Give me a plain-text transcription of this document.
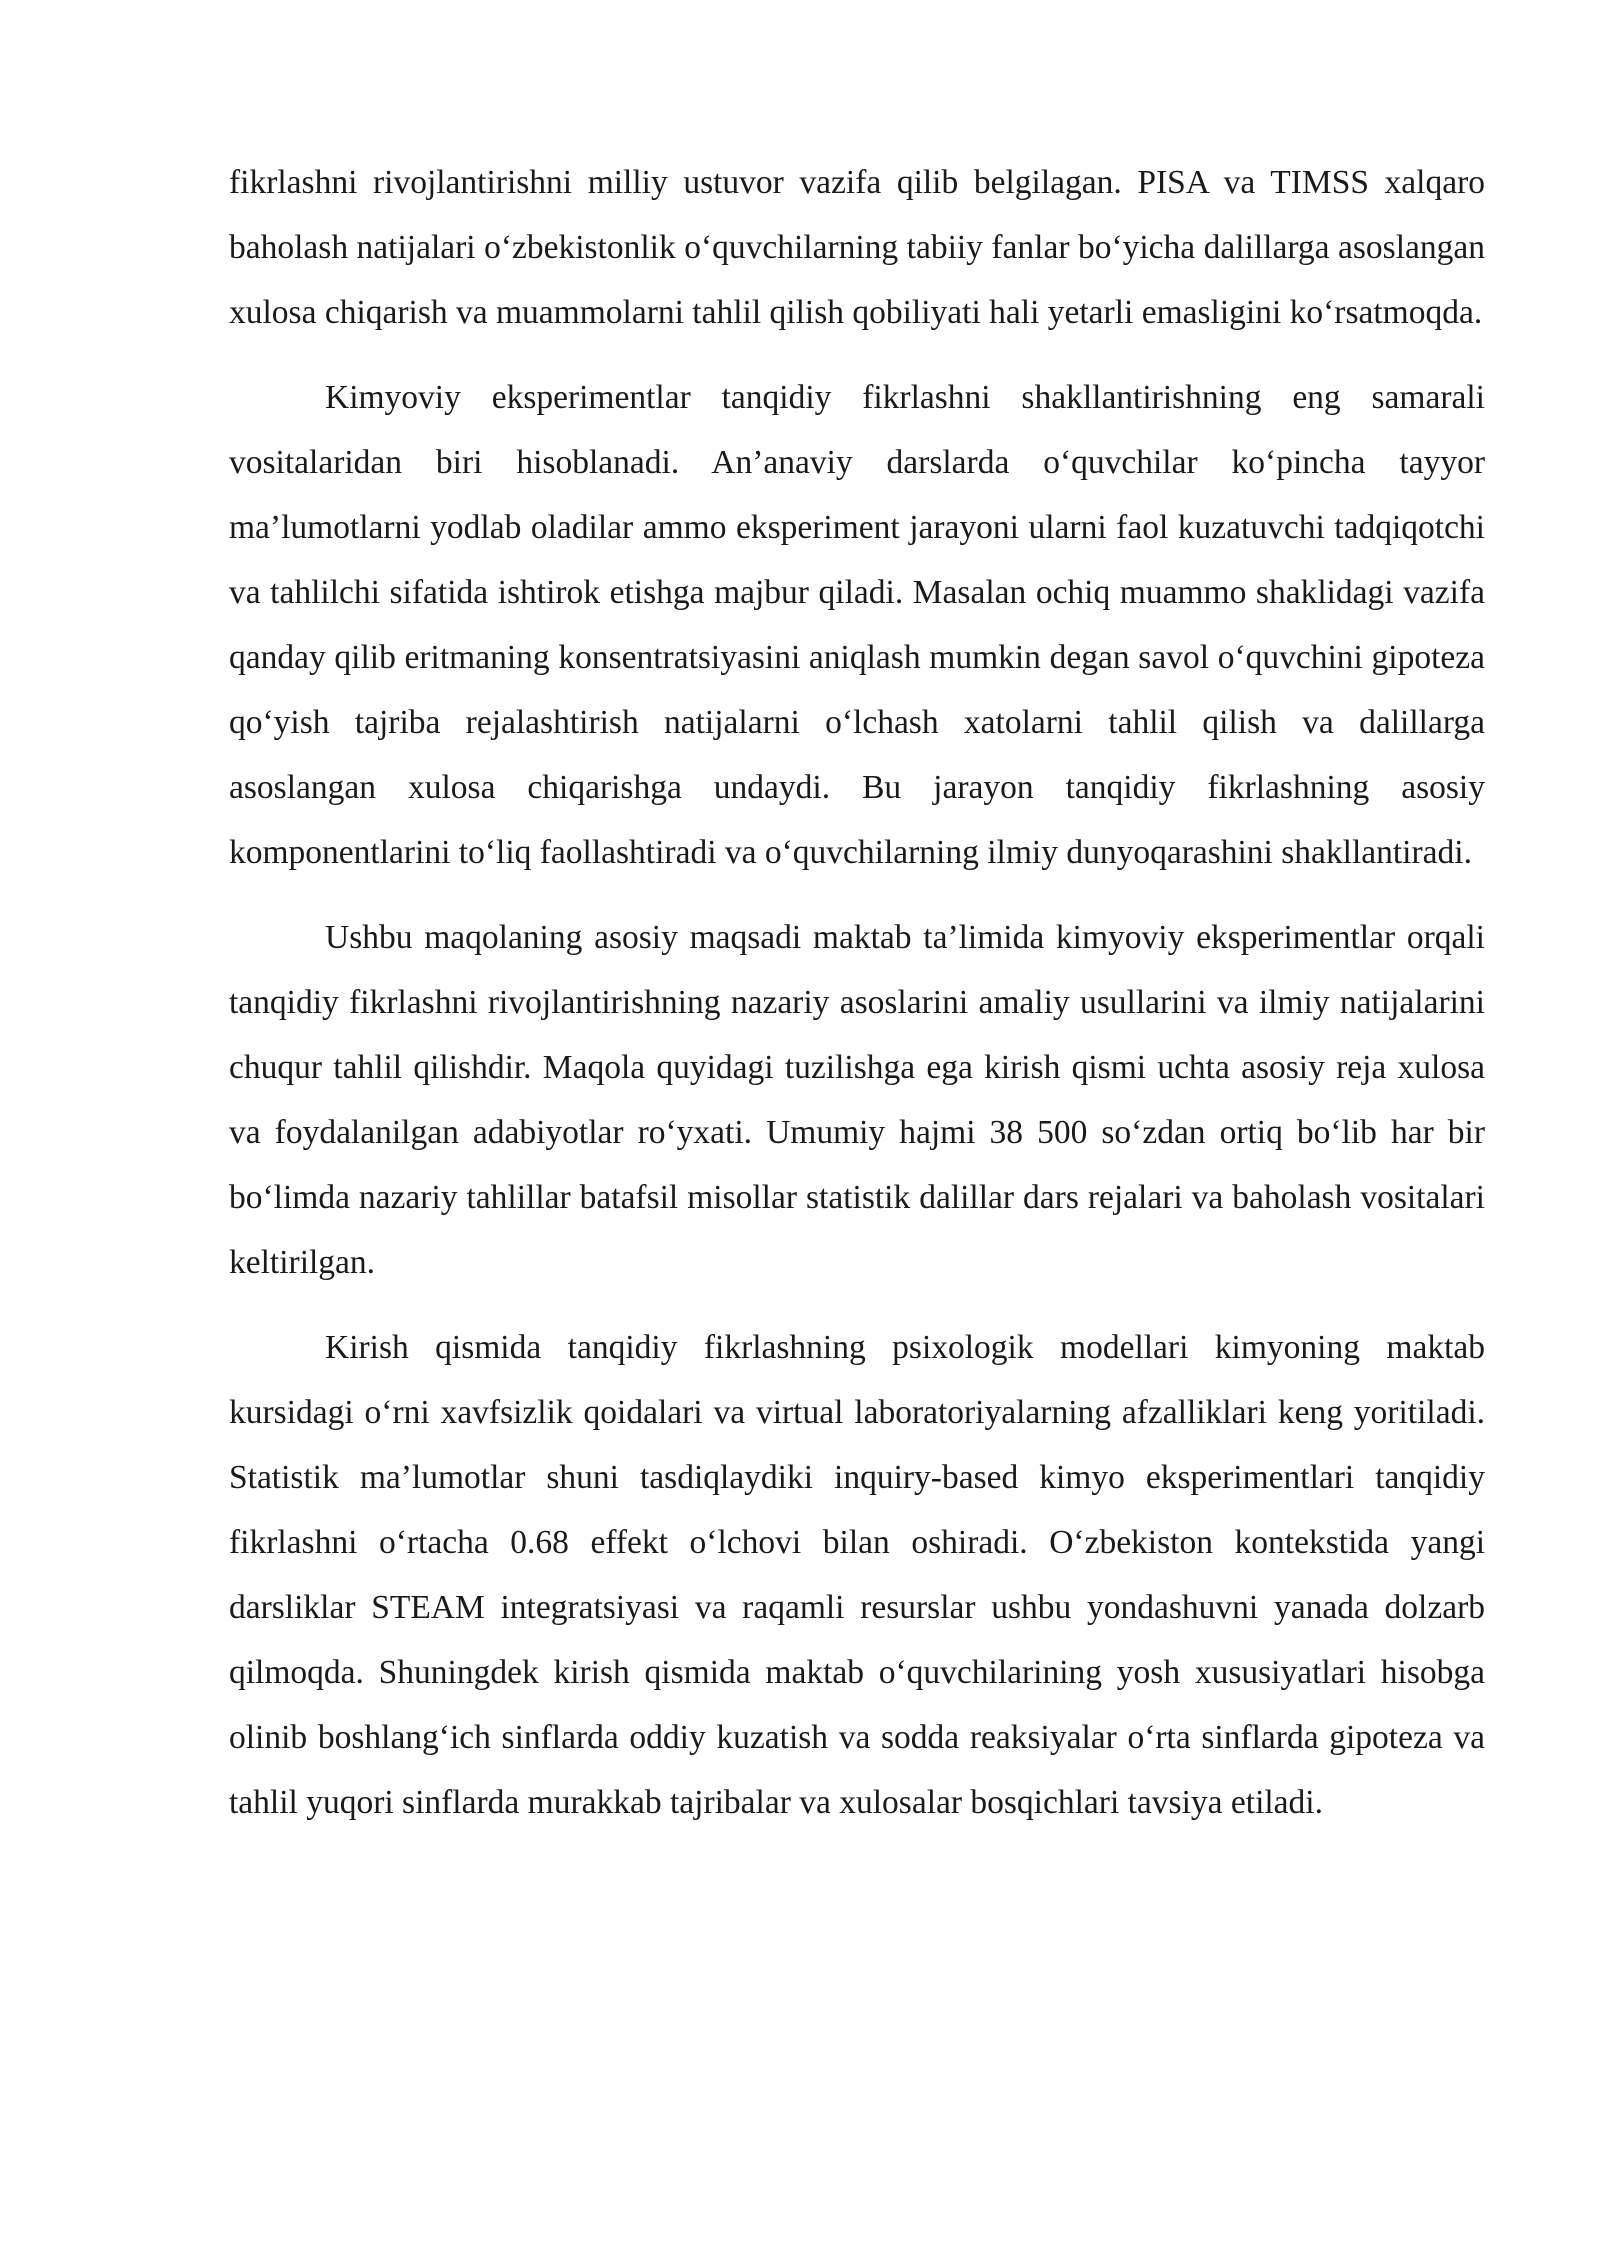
fikrlashni rivojlantirishni milliy ustuvor vazifa qilib belgilagan. PISA va TIMSS xalqaro baholash natijalari o‘zbekistonlik o‘quvchilarning tabiiy fanlar bo‘yicha dalillarga asoslangan xulosa chiqarish va muammolarni tahlil qilish qobiliyati hali yetarli emasligini ko‘rsatmoqda.

Kimyoviy eksperimentlar tanqidiy fikrlashni shakllantirishning eng samarali vositalaridan biri hisoblanadi. An’anaviy darslarda o‘quvchilar ko‘pincha tayyor ma’lumotlarni yodlab oladilar ammo eksperiment jarayoni ularni faol kuzatuvchi tadqiqotchi va tahlilchi sifatida ishtirok etishga majbur qiladi. Masalan ochiq muammo shaklidagi vazifa qanday qilib eritmaning konsentratsiyasini aniqlash mumkin degan savol o‘quvchini gipoteza qo‘yish tajriba rejalashtirish natijalarni o‘lchash xatolarni tahlil qilish va dalillarga asoslangan xulosa chiqarishga undaydi. Bu jarayon tanqidiy fikrlashning asosiy komponentlarini to‘liq faollashtiradi va o‘quvchilarning ilmiy dunyoqarashini shakllantiradi.

Ushbu maqolaning asosiy maqsadi maktab ta’limida kimyoviy eksperimentlar orqali tanqidiy fikrlashni rivojlantirishning nazariy asoslarini amaliy usullarini va ilmiy natijalarini chuqur tahlil qilishdir. Maqola quyidagi tuzilishga ega kirish qismi uchta asosiy reja xulosa va foydalanilgan adabiyotlar ro‘yxati. Umumiy hajmi 38 500 so‘zdan ortiq bo‘lib har bir bo‘limda nazariy tahlillar batafsil misollar statistik dalillar dars rejalari va baholash vositalari keltirilgan.

Kirish qismida tanqidiy fikrlashning psixologik modellari kimyoning maktab kursidagi o‘rni xavfsizlik qoidalari va virtual laboratoriyalarning afzalliklari keng yoritiladi. Statistik ma’lumotlar shuni tasdiqlaydiki inquiry-based kimyo eksperimentlari tanqidiy fikrlashni o‘rtacha 0.68 effekt o‘lchovi bilan oshiradi. O‘zbekiston kontekstida yangi darsliklar STEAM integratsiyasi va raqamli resurslar ushbu yondashuvni yanada dolzarb qilmoqda. Shuningdek kirish qismida maktab o‘quvchilarining yosh xususiyatlari hisobga olinib boshlang‘ich sinflarda oddiy kuzatish va sodda reaksiyalar o‘rta sinflarda gipoteza va tahlil yuqori sinflarda murakkab tajribalar va xulosalar bosqichlari tavsiya etiladi.
